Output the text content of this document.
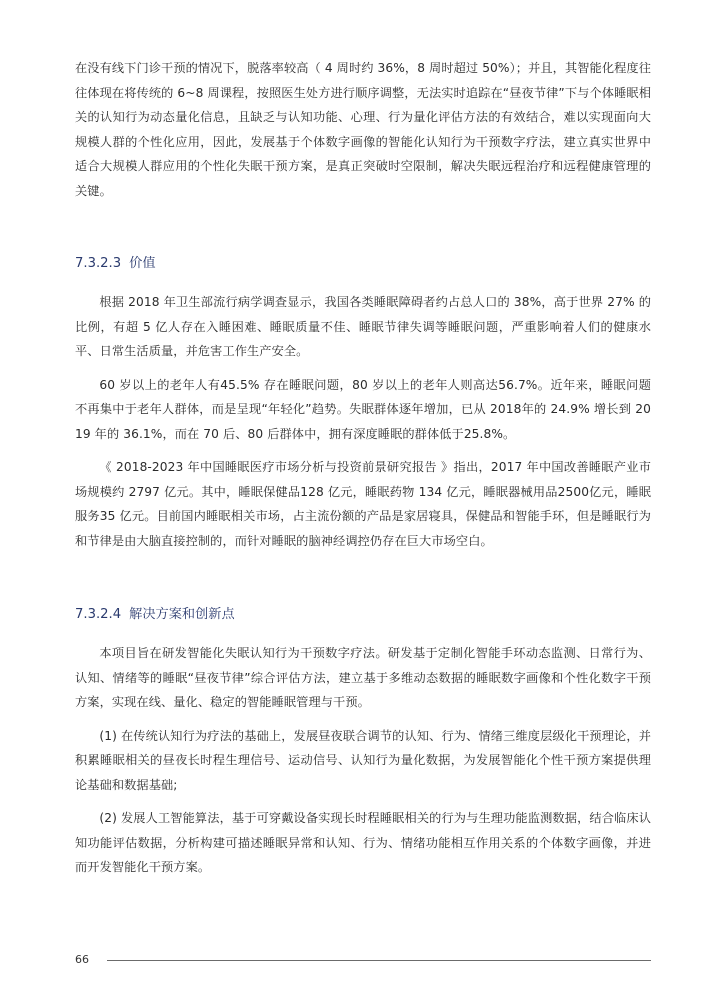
在没有线下门诊干预的情况下，脱落率较高（ 4 周时约 36%，8 周时超过 50%）；并且，其智能化程度往往体现在将传统的 6~8 周课程，按照医生处方进行顺序调整，无法实时追踪在“昼夜节律”下与个体睡眠相关的认知行为动态量化信息，且缺乏与认知功能、心理、行为量化评估方法的有效结合，难以实现面向大规模人群的个性化应用，因此，发展基于个体数字画像的智能化认知行为干预数字疗法，建立真实世界中适合大规模人群应用的个性化失眠干预方案，是真正突破时空限制，解决失眠远程治疗和远程健康管理的关键。

7.3.2.3 价值

根据 2018 年卫生部流行病学调查显示，我国各类睡眠障碍者约占总人口的 38%，高于世界 27% 的比例，有超 5 亿人存在入睡困难、睡眠质量不佳、睡眠节律失调等睡眠问题，严重影响着人们的健康水平、日常生活质量，并危害工作生产安全。

60 岁以上的老年人有45.5% 存在睡眠问题，80 岁以上的老年人则高达56.7%。近年来，睡眠问题不再集中于老年人群体，而是呈现“年轻化”趋势。失眠群体逐年增加，已从 2018年的 24.9% 增长到 2019 年的 36.1%，而在 70 后、80 后群体中，拥有深度睡眠的群体低于25.8%。

《 2018-2023 年中国睡眠医疗市场分析与投资前景研究报告 》指出，2017 年中国改善睡眠产业市场规模约 2797 亿元。其中，睡眠保健品128 亿元，睡眠药物 134 亿元，睡眠器械用品2500亿元，睡眠服务35 亿元。目前国内睡眠相关市场，占主流份额的产品是家居寝具，保健品和智能手环，但是睡眠行为和节律是由大脑直接控制的，而针对睡眠的脑神经调控仍存在巨大市场空白。

7.3.2.4 解决方案和创新点

本项目旨在研发智能化失眠认知行为干预数字疗法。研发基于定制化智能手环动态监测、日常行为、认知、情绪等的睡眠“昼夜节律”综合评估方法，建立基于多维动态数据的睡眠数字画像和个性化数字干预方案，实现在线、量化、稳定的智能睡眠管理与干预。

(1) 在传统认知行为疗法的基础上，发展昼夜联合调节的认知、行为、情绪三维度层级化干预理论，并积累睡眠相关的昼夜长时程生理信号、运动信号、认知行为量化数据，为发展智能化个性干预方案提供理论基础和数据基础;

(2) 发展人工智能算法，基于可穿戴设备实现长时程睡眠相关的行为与生理功能监测数据，结合临床认知功能评估数据，分析构建可描述睡眠异常和认知、行为、情绪功能相互作用关系的个体数字画像，并进而开发智能化干预方案。

66
